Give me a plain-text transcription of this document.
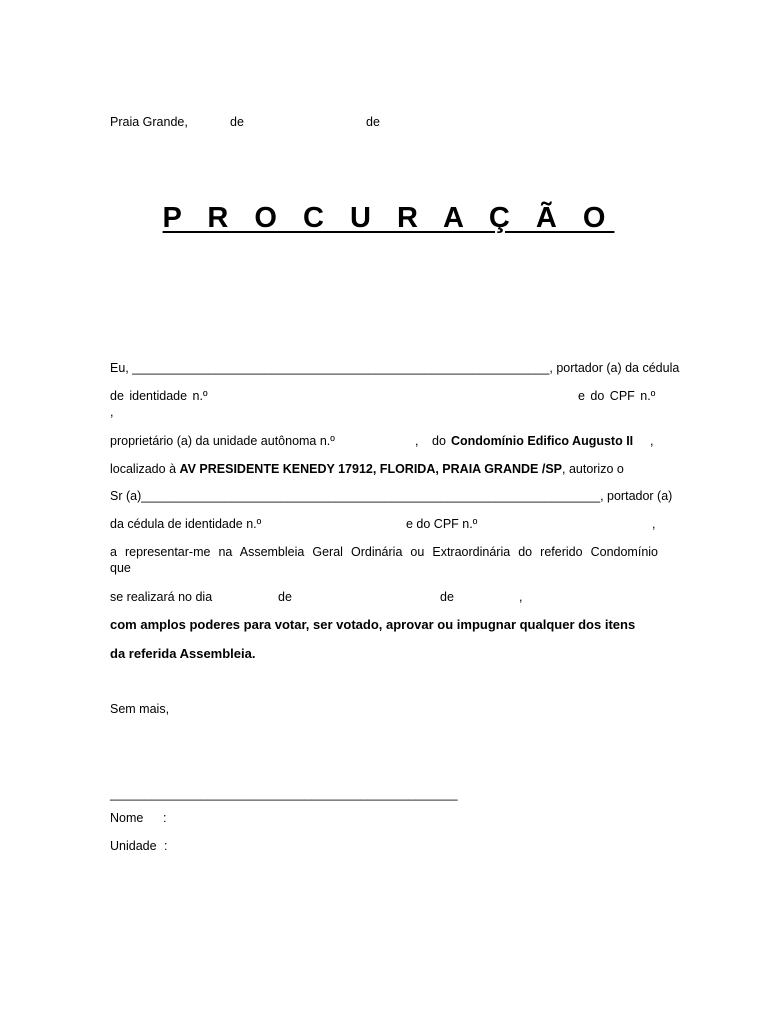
Praia Grande,	de	de
P R O C U R A Ç Ã O
Eu, ____________________________________________________________, portador (a) da cédula
de identidade n.º	e do CPF n.º
,
proprietário (a) da unidade autônoma n.º	, do Condomínio Edifico Augusto II ,
localizado à AV PRESIDENTE KENEDY 17912, FLORIDA, PRAIA GRANDE /SP, autorizo o
Sr (a)__________________________________________________________________, portador (a)
da cédula de identidade n.º	e do CPF n.º	,
a representar-me na Assembleia Geral Ordinária ou Extraordinária do referido Condomínio
que
se realizará no dia	de	de	,
com amplos poderes para votar, ser votado, aprovar ou impugnar qualquer dos itens
da referida Assembleia.
Sem mais,
__________________________________________________
Nome :
Unidade :
